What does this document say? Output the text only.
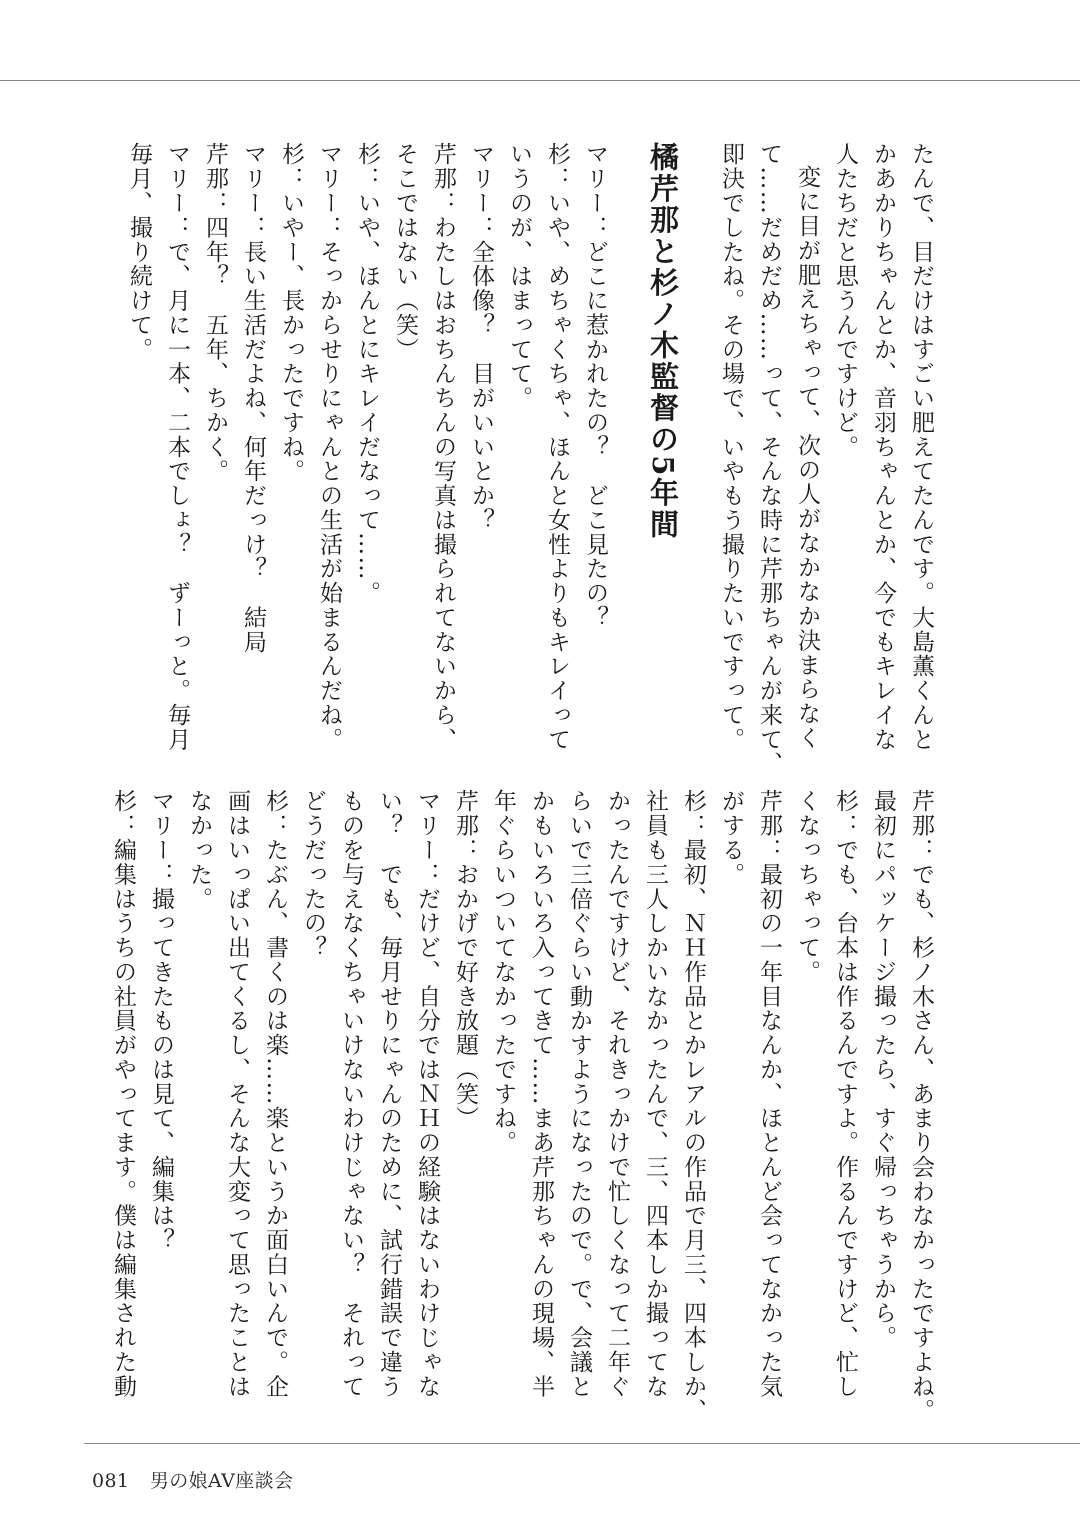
たんで、目だけはすごい肥えてたんです。大島薫くんと
かあかりちゃんとか、音羽ちゃんとか、今でもキレイな
人たちだと思うんですけど。
変に目が肥えちゃって、次の人がなかなか決まらなく
て……だめだめ……って、そんな時に芹那ちゃんが来て、
即決でしたね。その場で、いやもう撮りたいですって。
橘芹那と杉ノ木監督の5年間
マリー：どこに惹かれたの？　どこ見たの？
杉：いや、めちゃくちゃ、ほんと女性よりもキレイって
いうのが、はまってて。
マリー：全体像？　目がいいとか？
芹那：わたしはおちんちんの写真は撮られてないから、
そこではない（笑）
杉：いや、ほんとにキレイだなって……。
マリー：そっからせりにゃんとの生活が始まるんだね。
杉：いやー、長かったですね。
マリー：長い生活だよね、何年だっけ？　結局
芹那：四年？　五年、ちかく。
マリー：で、月に一本、二本でしょ？　ずーっと。毎月
毎月、撮り続けて。
芹那：でも、杉ノ木さん、あまり会わなかったですよね。
最初にパッケージ撮ったら、すぐ帰っちゃうから。
杉：でも、台本は作るんですよ。作るんですけど、忙し
くなっちゃって。
芹那：最初の一年目なんか、ほとんど会ってなかった気
がする。
杉：最初、ＮＨ作品とかレアルの作品で月三、四本しか、
社員も三人しかいなかったんで、三、四本しか撮ってな
かったんですけど、それきっかけで忙しくなって二年ぐ
らいで三倍ぐらい動かすようになったので。で、会議と
かもいろいろ入ってきて……まあ芹那ちゃんの現場、半
年ぐらいついてなかったですね。
芹那：おかげで好き放題（笑）
マリー：だけど、自分ではＮＨの経験はないわけじゃな
い？　でも、毎月せりにゃんのために、試行錯誤で違う
ものを与えなくちゃいけないわけじゃない？　それって
どうだったの？
杉：たぶん、書くのは楽……楽というか面白いんで。企
画はいっぱい出てくるし、そんな大変って思ったことは
なかった。
マリー：撮ってきたものは見て、編集は？
杉：編集はうちの社員がやってます。僕は編集された動
081 男の娘AV座談会
